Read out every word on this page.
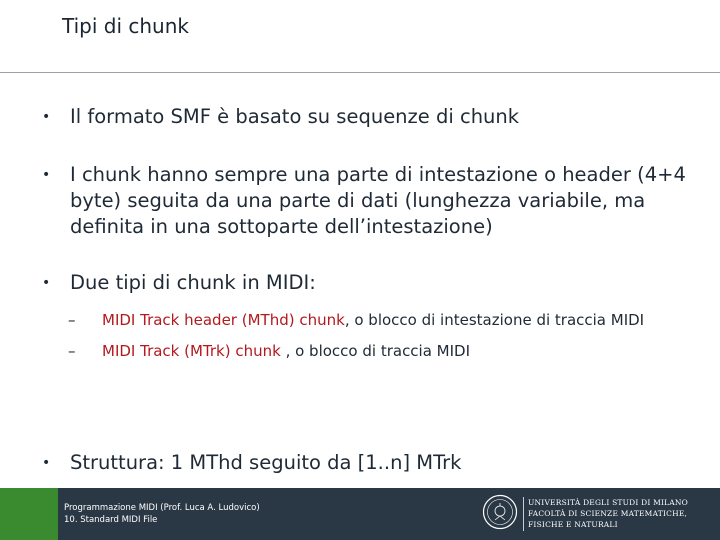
Tipi di chunk
• Il formato SMF è basato su sequenze di chunk
• I chunk hanno sempre una parte di intestazione o header (4+4 byte) seguita da una parte di dati (lunghezza variabile, ma definita in una sottoparte dell’intestazione)
• Due tipi di chunk in MIDI:
– MIDI Track header (MThd) chunk, o blocco di intestazione di traccia MIDI
– MIDI Track (MTrk) chunk , o blocco di traccia MIDI
• Struttura: 1 MThd seguito da [1..n] MTrk
Programmazione MIDI (Prof. Luca A. Ludovico)
10. Standard MIDI File
UNIVERSITÀ DEGLI STUDI DI MILANO
FACOLTÀ DI SCIENZE MATEMATICHE,
FISICHE E NATURALI
